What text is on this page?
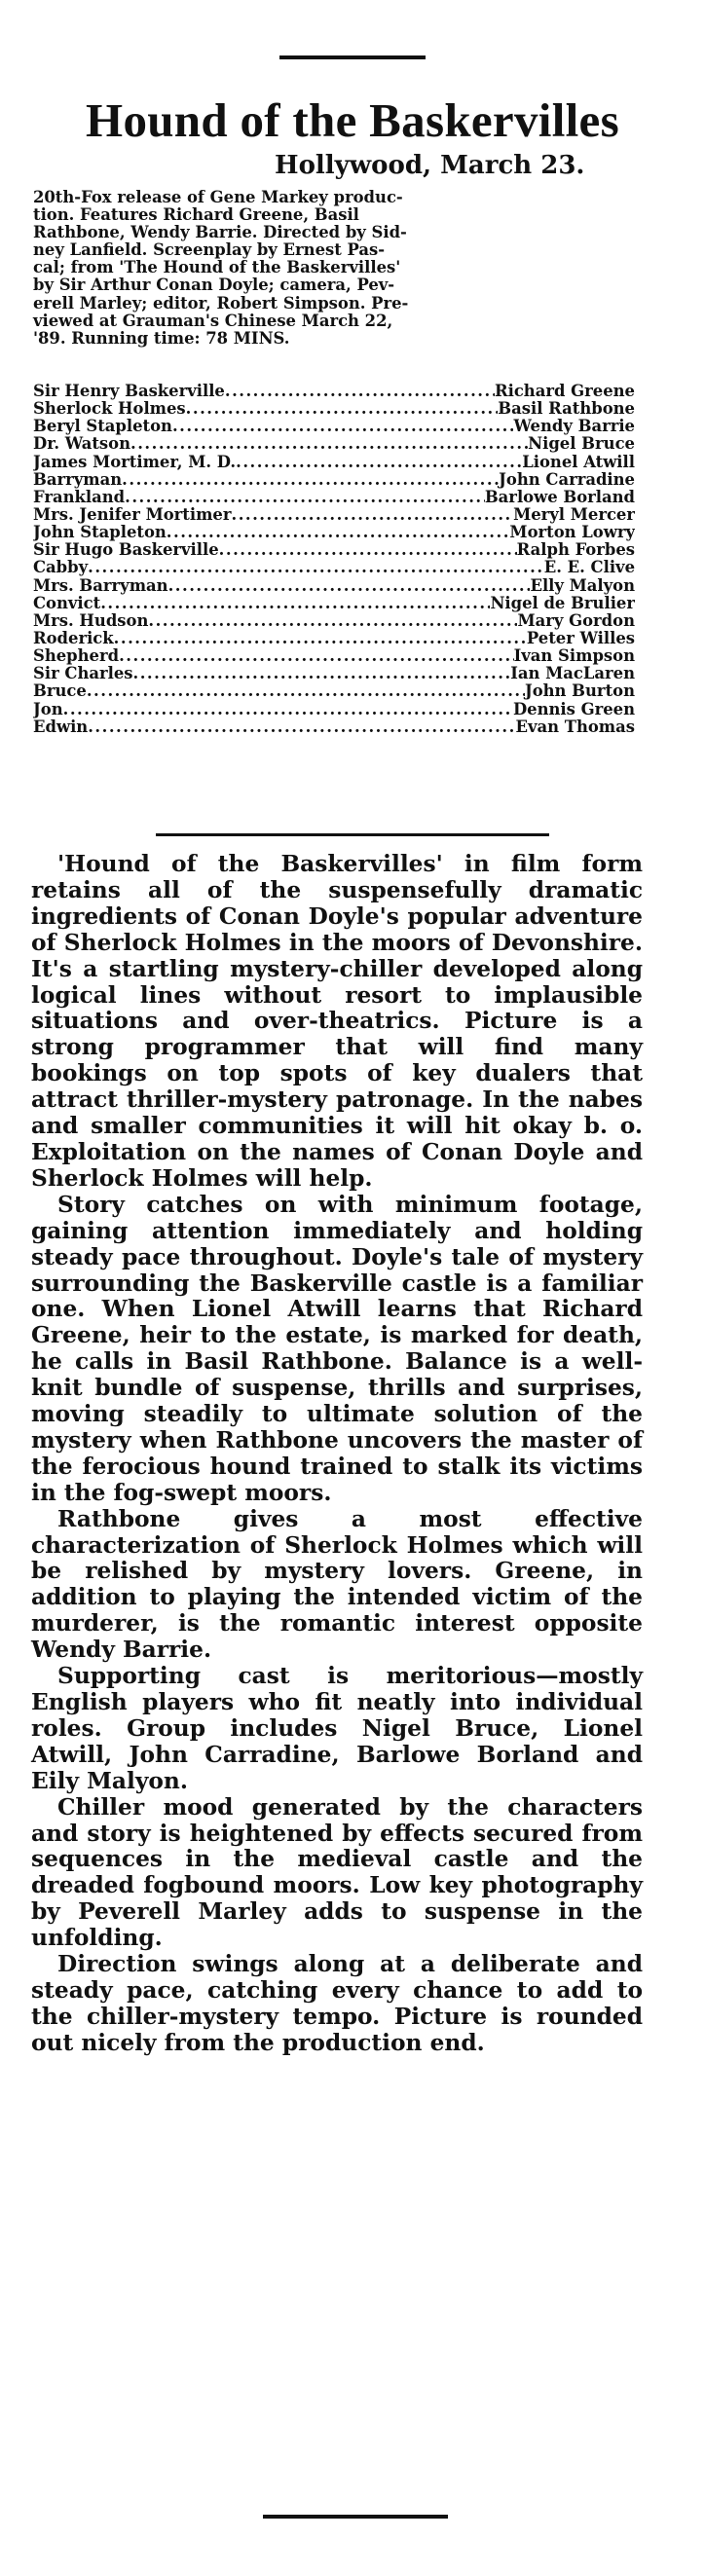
Hound of the Baskervilles
Hollywood, March 23.
20th-Fox release of Gene Markey produc-
tion. Features Richard Greene, Basil
Rathbone, Wendy Barrie. Directed by Sid-
ney Lanfield. Screenplay by Ernest Pas-
cal; from 'The Hound of the Baskervilles'
by Sir Arthur Conan Doyle; camera, Pev-
erell Marley; editor, Robert Simpson. Pre-
viewed at Grauman's Chinese March 22,
'89. Running time: 78 MINS.
Sir Henry Baskerville .....	Richard Greene
Sherlock Holmes .....	Basil Rathbone
Beryl Stapleton .....	Wendy Barrie
Dr. Watson .....	Nigel Bruce
James Mortimer, M. D. .....	Lionel Atwill
Barryman .....	John Carradine
Frankland .....	Barlowe Borland
Mrs. Jenifer Mortimer .....	Meryl Mercer
John Stapleton .....	Morton Lowry
Sir Hugo Baskerville .....	Ralph Forbes
Cabby .....	E. E. Clive
Mrs. Barryman .....	Elly Malyon
Convict .....	Nigel de Brulier
Mrs. Hudson .....	Mary Gordon
Roderick .....	Peter Willes
Shepherd .....	Ivan Simpson
Sir Charles .....	Ian MacLaren
Bruce .....	John Burton
Jon .....	Dennis Green
Edwin .....	Evan Thomas

'Hound of the Baskervilles' in film form retains all of the suspensefully dramatic ingredients of Conan Doyle's popular adventure of Sherlock Holmes in the moors of Devonshire. It's a startling mystery-chiller developed along logical lines without resort to implausible situations and over-theatrics. Picture is a strong programmer that will find many bookings on top spots of key dualers that attract thriller-mystery patronage. In the nabes and smaller communities it will hit okay b. o. Exploitation on the names of Conan Doyle and Sherlock Holmes will help.

Story catches on with minimum footage, gaining attention immediately and holding steady pace throughout. Doyle's tale of mystery surrounding the Baskerville castle is a familiar one. When Lionel Atwill learns that Richard Greene, heir to the estate, is marked for death, he calls in Basil Rathbone. Balance is a well-knit bundle of suspense, thrills and surprises, moving steadily to ultimate solution of the mystery when Rathbone uncovers the master of the ferocious hound trained to stalk its victims in the fog-swept moors.

Rathbone gives a most effective characterization of Sherlock Holmes which will be relished by mystery lovers. Greene, in addition to playing the intended victim of the murderer, is the romantic interest opposite Wendy Barrie.

Supporting cast is meritorious—mostly English players who fit neatly into individual roles. Group includes Nigel Bruce, Lionel Atwill, John Carradine, Barlowe Borland and Eily Malyon.

Chiller mood generated by the characters and story is heightened by effects secured from sequences in the medieval castle and the dreaded fogbound moors. Low key photography by Peverell Marley adds to suspense in the unfolding.

Direction swings along at a deliberate and steady pace, catching every chance to add to the chiller-mystery tempo. Picture is rounded out nicely from the production end.
